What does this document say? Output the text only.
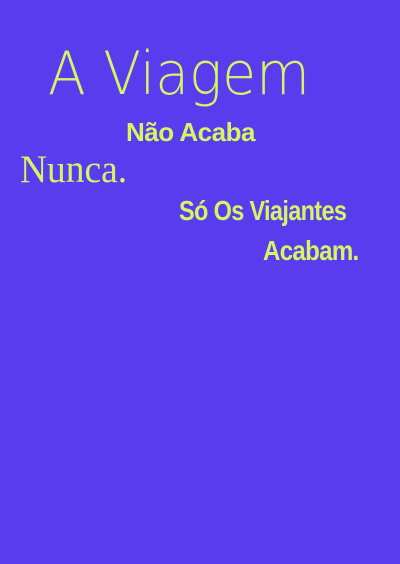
A Viagem

Não Acaba

Nunca.

Só Os Viajantes

Acabam.
